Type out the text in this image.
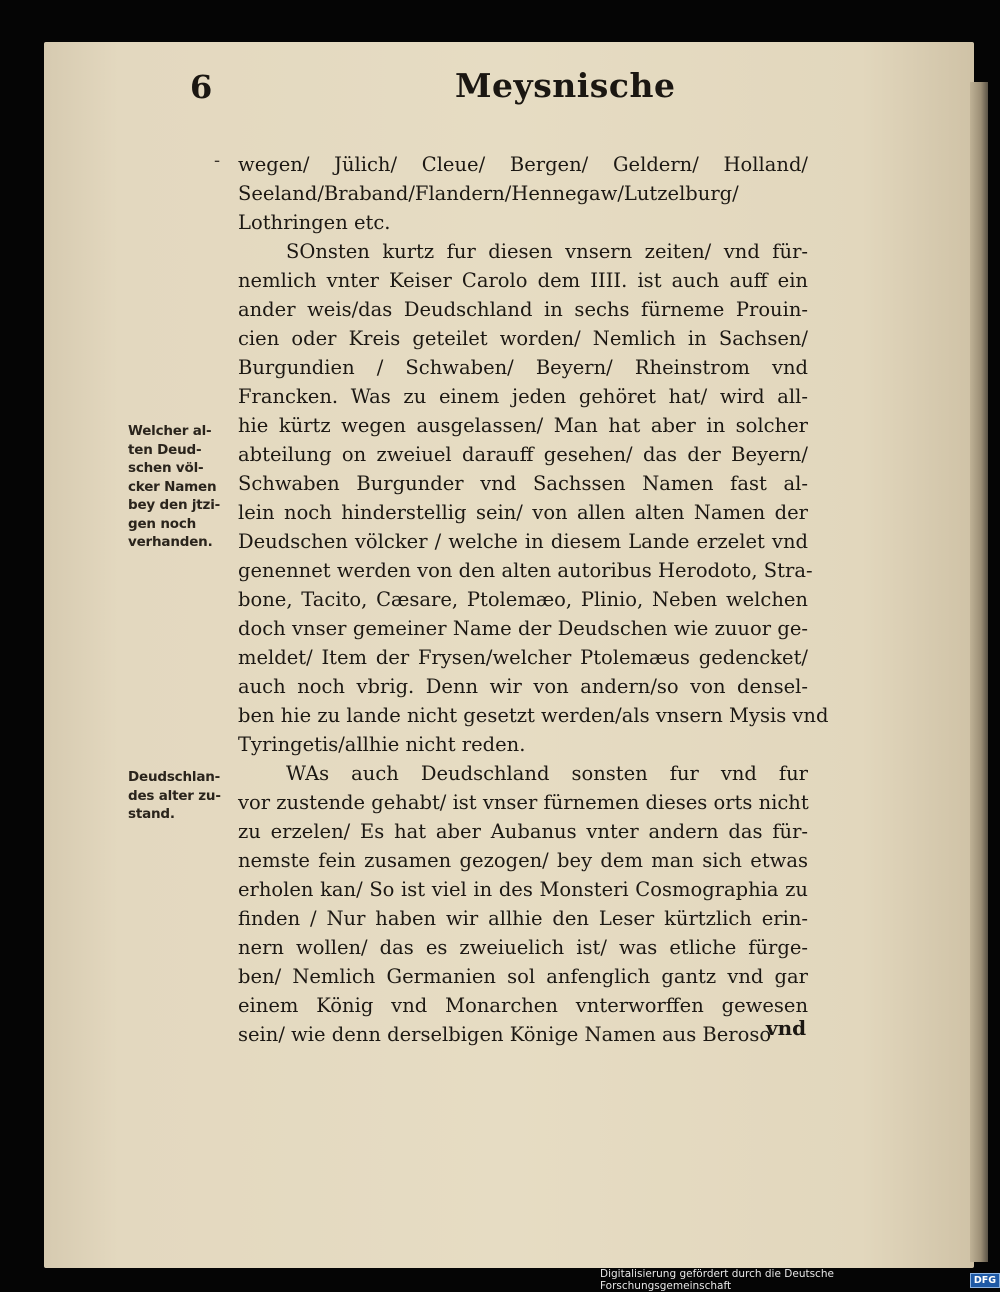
6	Meysnische
- wegen/ Jülich/ Cleue/ Bergen/ Geldern/ Holland/
Seeland/Braband/Flandern/Hennegaw/Lutzelburg/
Lothringen etc.
SOnsten kurtz fur diesen vnsern zeiten/ vnd für-
nemlich vnter Keiser Carolo dem IIII. ist auch auff ein
ander weis/das Deudschland in sechs fürneme Prouin-
cien oder Kreis geteilet worden/ Nemlich in Sachsen/
Burgundien / Schwaben/ Beyern/ Rheinstrom vnd
Francken. Was zu einem jeden gehöret hat/ wird all-
hie kürtz wegen ausgelassen/ Man hat aber in solcher
abteilung on zweiuel darauff gesehen/ das der Beyern/
Schwaben Burgunder vnd Sachssen Namen fast al-
lein noch hinderstellig sein/ von allen alten Namen der
Deudschen völcker / welche in diesem Lande erzelet vnd
genennet werden von den alten autoribus Herodoto, Stra-
bone, Tacito, Cæsare, Ptolemæo, Plinio, Neben welchen
doch vnser gemeiner Name der Deudschen wie zuuor ge-
meldet/ Item der Frysen/welcher Ptolemæus gedencket/
auch noch vbrig. Denn wir von andern/so von densel-
ben hie zu lande nicht gesetzt werden/als vnsern Mysis vnd
Tyringetis/allhie nicht reden.
WAs auch Deudschland sonsten fur vnd fur
vor zustende gehabt/ ist vnser fürnemen dieses orts nicht
zu erzelen/ Es hat aber Aubanus vnter andern das für-
nemste fein zusamen gezogen/ bey dem man sich etwas
erholen kan/ So ist viel in des Monsteri Cosmographia zu
finden / Nur haben wir allhie den Leser kürtzlich erin-
nern wollen/ das es zweiuelich ist/ was etliche fürge-
ben/ Nemlich Germanien sol anfenglich gantz vnd gar
einem König vnd Monarchen vnterworffen gewesen
sein/ wie denn derselbigen Könige Namen aus Beroso
Welcher al-
ten Deud-
schen völ-
cker Namen
bey den jtzi-
gen noch
verhanden.
Deudschlan-
des alter zu-
stand.
vnd
Digitalisierung gefördert durch die Deutsche Forschungsgemeinschaft	DFG
